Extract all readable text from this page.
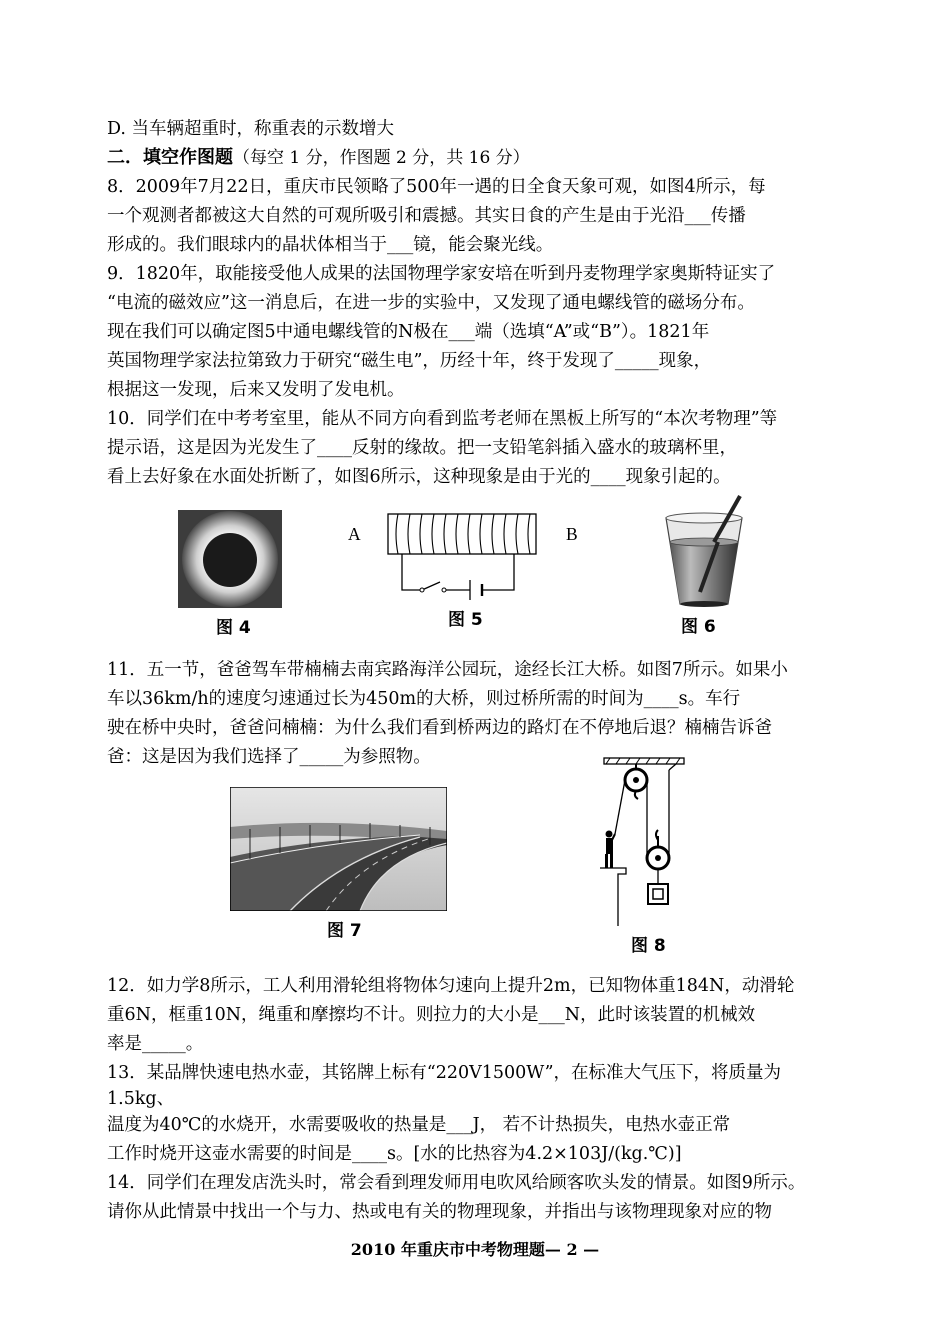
D. 当车辆超重时，称重表的示数增大
二．填空作图题（每空 1 分，作图题 2 分，共 16 分）
8．2009年7月22日，重庆市民领略了500年一遇的日全食天象可观，如图4所示，每
一个观测者都被这大自然的可观所吸引和震撼。其实日食的产生是由于光沿___传播
形成的。我们眼球内的晶状体相当于___镜，能会聚光线。
9．1820年，取能接受他人成果的法国物理学家安培在听到丹麦物理学家奥斯特证实了
“电流的磁效应”这一消息后，在进一步的实验中，又发现了通电螺线管的磁场分布。
现在我们可以确定图5中通电螺线管的N极在___端（选填“A”或“B”）。1821年
英国物理学家法拉第致力于研究“磁生电”，历经十年，终于发现了_____现象，
根据这一发现，后来又发明了发电机。
10．同学们在中考考室里，能从不同方向看到监考老师在黑板上所写的“本次考物理”等
提示语，这是因为光发生了____反射的缘故。把一支铅笔斜插入盛水的玻璃杯里，
看上去好象在水面处折断了，如图6所示，这种现象是由于光的____现象引起的。
图 4
A	B
图 5	图 6
11．五一节，爸爸驾车带楠楠去南宾路海洋公园玩，途经长江大桥。如图7所示。如果小
车以36km/h的速度匀速通过长为450m的大桥，则过桥所需的时间为____s。车行
驶在桥中央时，爸爸问楠楠：为什么我们看到桥两边的路灯在不停地后退？楠楠告诉爸
爸：这是因为我们选择了_____为参照物。
图 7
图 8
12．如力学8所示，工人利用滑轮组将物体匀速向上提升2m，已知物体重184N，动滑轮
重6N，框重10N，绳重和摩擦均不计。则拉力的大小是___N，此时该装置的机械效
率是_____。
13．某品牌快速电热水壶，其铭牌上标有“220V1500W”，在标准大气压下，将质量为
1.5kg、
温度为40℃的水烧开，水需要吸收的热量是___J， 若不计热损失，电热水壶正常
工作时烧开这壶水需要的时间是____s。[水的比热容为4.2×103J/(kg.℃)]
14．同学们在理发店洗头时，常会看到理发师用电吹风给顾客吹头发的情景。如图9所示。
请你从此情景中找出一个与力、热或电有关的物理现象，并指出与该物理现象对应的物
2010 年重庆市中考物理题— 2 —
